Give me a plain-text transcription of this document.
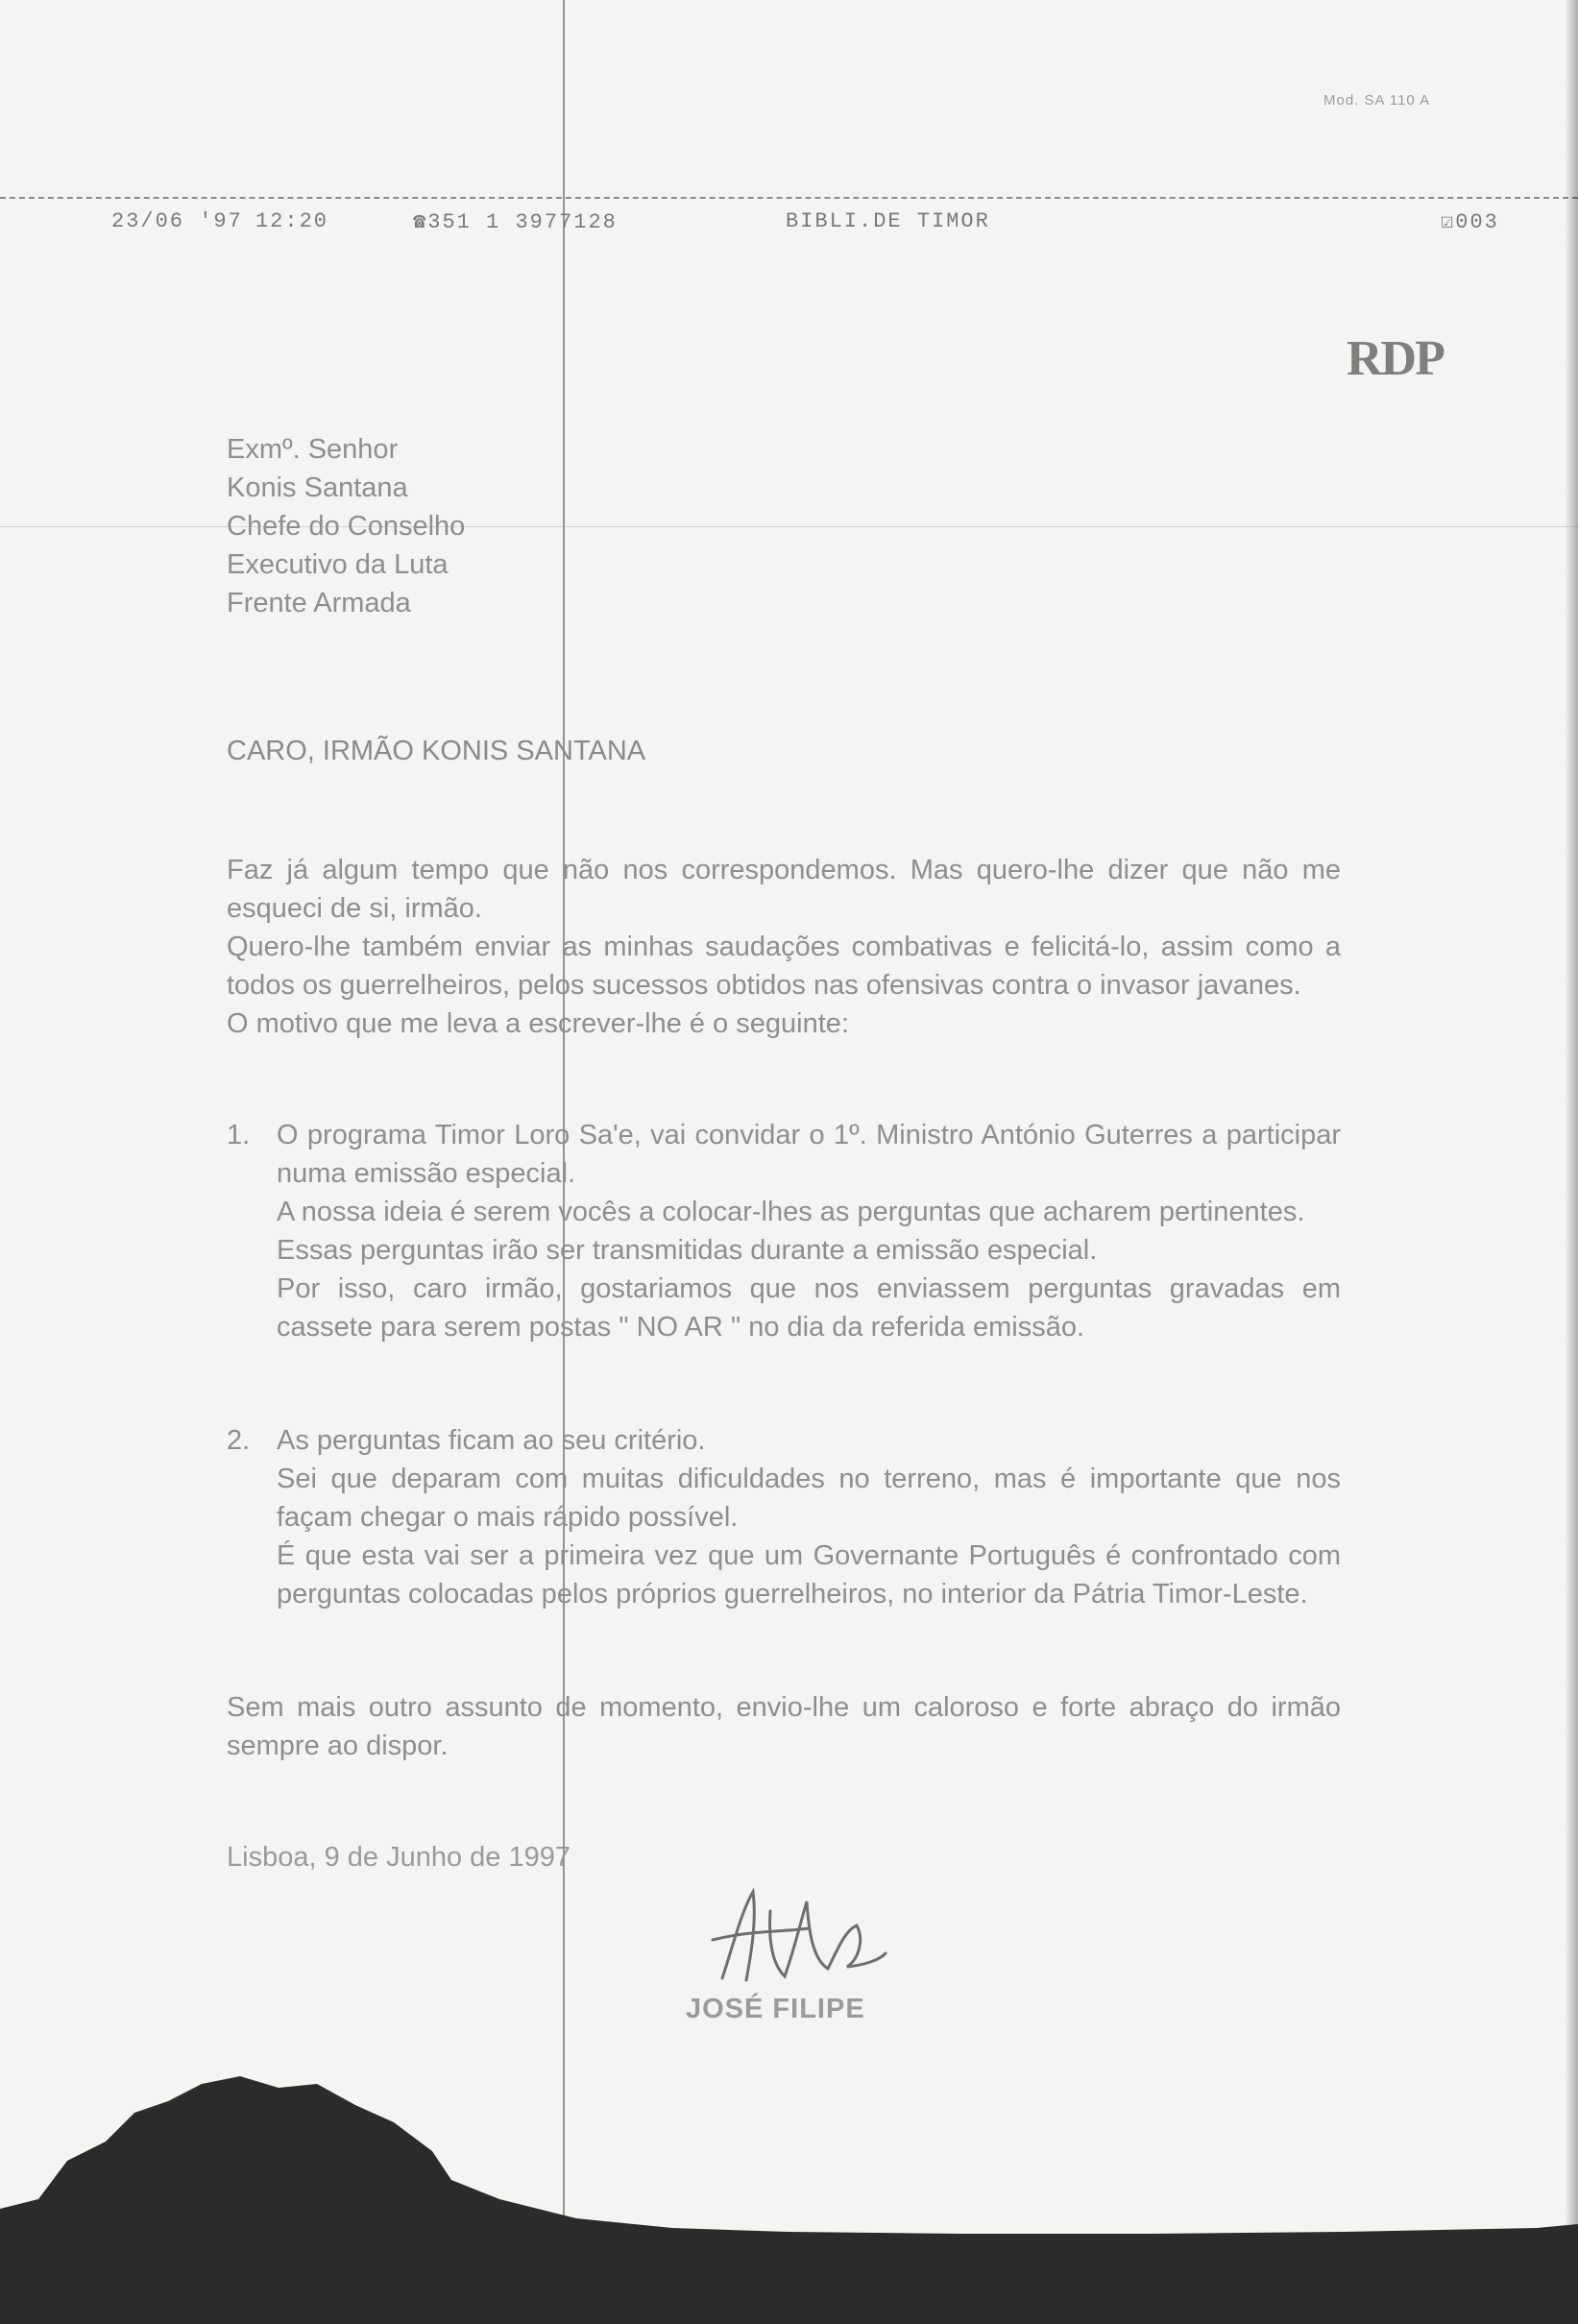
Mod. SA 110 A
23/06 '97 12:20	☎351 1 3977128	BIBLI.DE TIMOR	☑003
RDP
Exmº. Senhor
Konis Santana
Chefe do Conselho
Executivo da Luta
Frente Armada
CARO, IRMÃO KONIS SANTANA

Faz já algum tempo que não nos correspondemos. Mas quero-lhe dizer que não me esqueci de si, irmão.

Quero-lhe também enviar as minhas saudações combativas e felicitá-lo, assim como a todos os guerrelheiros, pelos sucessos obtidos nas ofensivas contra o invasor javanes.

O motivo que me leva a escrever-lhe é o seguinte:

1. O programa Timor Loro Sa'e, vai convidar o 1º. Ministro António Guterres a participar numa emissão especial.

A nossa ideia é serem vocês a colocar-lhes as perguntas que acharem pertinentes.

Essas perguntas irão ser transmitidas durante a emissão especial.

Por isso, caro irmão, gostariamos que nos enviassem perguntas gravadas em cassete para serem postas " NO AR " no dia da referida emissão.

2. As perguntas ficam ao seu critério.

Sei que deparam com muitas dificuldades no terreno, mas é importante que nos façam chegar o mais rápido possível.

É que esta vai ser a primeira vez que um Governante Português é confrontado com perguntas colocadas pelos próprios guerrelheiros, no interior da Pátria Timor-Leste.

Sem mais outro assunto de momento, envio-lhe um caloroso e forte abraço do irmão sempre ao dispor.
Lisboa, 9 de Junho de 1997
JOSÉ FILIPE
